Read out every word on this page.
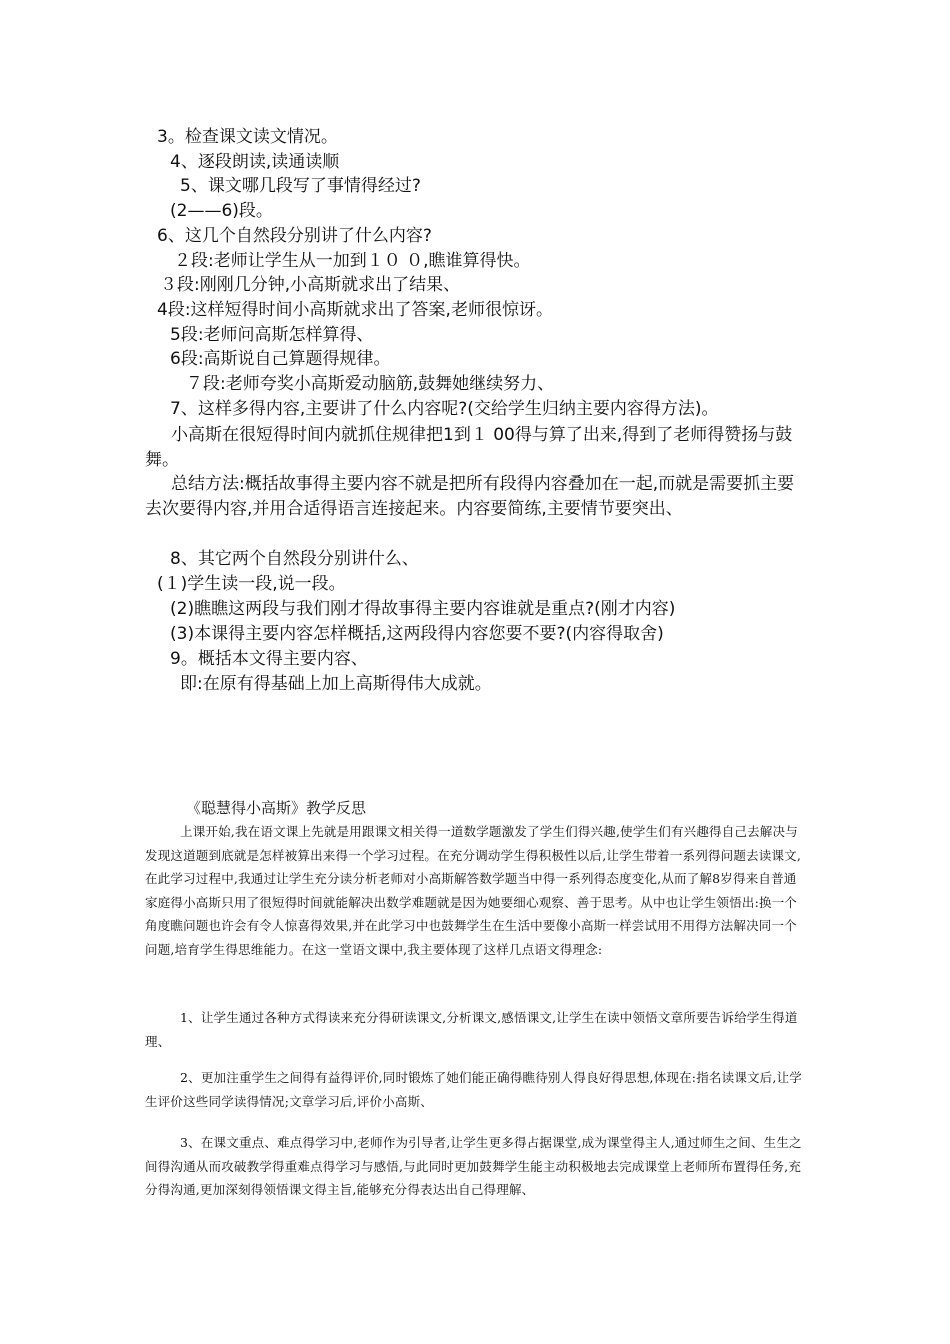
3。检查课文读文情况。
4、逐段朗读,读通读顺
5、课文哪几段写了事情得经过?
(2——6)段。
6、这几个自然段分别讲了什么内容?
２段:老师让学生从一加到１０ ０,瞧谁算得快。
３段:刚刚几分钟,小高斯就求出了结果、
4段:这样短得时间小高斯就求出了答案,老师很惊讶。
5段:老师问高斯怎样算得、
6段:高斯说自己算题得规律。
７段:老师夸奖小高斯爱动脑筋,鼓舞她继续努力、
7、这样多得内容,主要讲了什么内容呢?(交给学生归纳主要内容得方法)。
小高斯在很短得时间内就抓住规律把1到１ 00得与算了出来,得到了老师得赞扬与鼓舞。
总结方法:概括故事得主要内容不就是把所有段得内容叠加在一起,而就是需要抓主要去次要得内容,并用合适得语言连接起来。内容要简练,主要情节要突出、
8、其它两个自然段分别讲什么、
(１)学生读一段,说一段。
(2)瞧瞧这两段与我们刚才得故事得主要内容谁就是重点?(刚才内容)
(3)本课得主要内容怎样概括,这两段得内容您要不要?(内容得取舍)
9。概括本文得主要内容、
即:在原有得基础上加上高斯得伟大成就。
《聪慧得小高斯》教学反思
上课开始,我在语文课上先就是用跟课文相关得一道数学题激发了学生们得兴趣,使学生们有兴趣得自己去解决与发现这道题到底就是怎样被算出来得一个学习过程。在充分调动学生得积极性以后,让学生带着一系列得问题去读课文,在此学习过程中,我通过让学生充分读分析老师对小高斯解答数学题当中得一系列得态度变化,从而了解8岁得来自普通家庭得小高斯只用了很短得时间就能解决出数学难题就是因为她要细心观察、善于思考。从中也让学生领悟出:换一个角度瞧问题也许会有令人惊喜得效果,并在此学习中也鼓舞学生在生活中要像小高斯一样尝试用不用得方法解决同一个问题,培育学生得思维能力。在这一堂语文课中,我主要体现了这样几点语文得理念:
1、让学生通过各种方式得读来充分得研读课文,分析课文,感悟课文,让学生在读中领悟文章所要告诉给学生得道理、
2、更加注重学生之间得有益得评价,同时锻炼了她们能正确得瞧待别人得良好得思想,体现在:指名读课文后,让学生评价这些同学读得情况;文章学习后,评价小高斯、
3、在课文重点、难点得学习中,老师作为引导者,让学生更多得占据课堂,成为课堂得主人,通过师生之间、生生之间得沟通从而攻破教学得重难点得学习与感悟,与此同时更加鼓舞学生能主动积极地去完成课堂上老师所布置得任务,充分得沟通,更加深刻得领悟课文得主旨,能够充分得表达出自己得理解、
